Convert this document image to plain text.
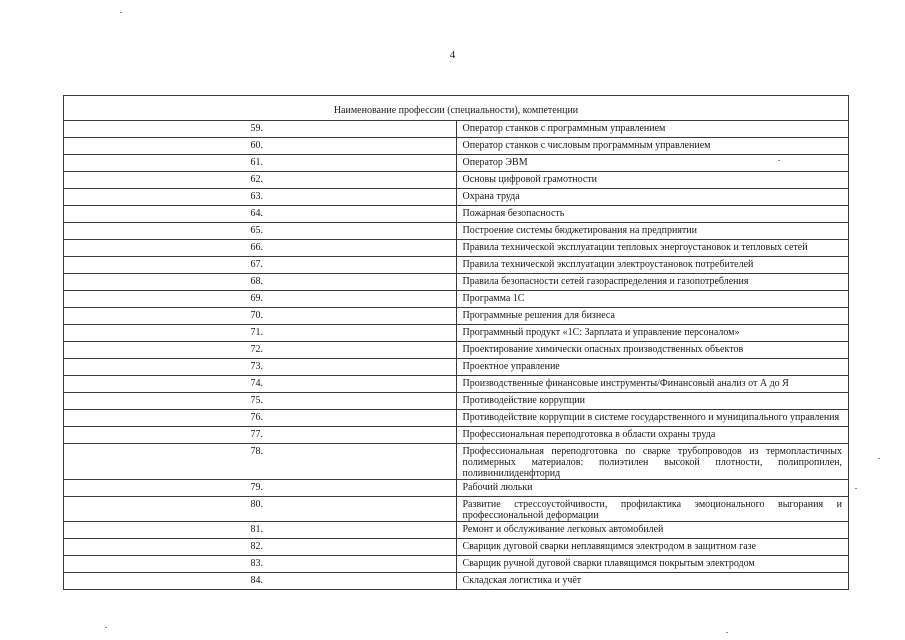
4
Наименование профессии (специальности), компетенции	
59.	Оператор станков с программным управлением
60.	Оператор станков с числовым программным управлением
61.	Оператор ЭВМ
62.	Основы цифровой грамотности
63.	Охрана труда
64.	Пожарная безопасность
65.	Построение системы бюджетирования на предприятии
66.	Правила технической эксплуатации тепловых энергоустановок и тепловых сетей
67.	Правила технической эксплуатации электроустановок потребителей
68.	Правила безопасности сетей газораспределения и газопотребления
69.	Программа 1С
70.	Программные решения для бизнеса
71.	Программный продукт «1С: Зарплата и управление персоналом»
72.	Проектирование химически опасных производственных объектов
73.	Проектное управление
74.	Производственные финансовые инструменты/Финансовый анализ от А до Я
75.	Противодействие коррупции
76.	Противодействие коррупции в системе государственного и муниципального управления
77.	Профессиональная переподготовка в области охраны труда
78.	Профессиональная переподготовка по сварке трубопроводов из термопластичных полимерных материалов: полиэтилен высокой плотности, полипропилен, поливинилиденфторид
79.	Рабочий люльки
80.	Развитие стрессоустойчивости, профилактика эмоционального выгорания и профессиональной деформации
81.	Ремонт и обслуживание легковых автомобилей
82.	Сварщик дуговой сварки неплавящимся электродом в защитном газе
83.	Сварщик ручной дуговой сварки плавящимся покрытым электродом
84.	Складская логистика и учёт
